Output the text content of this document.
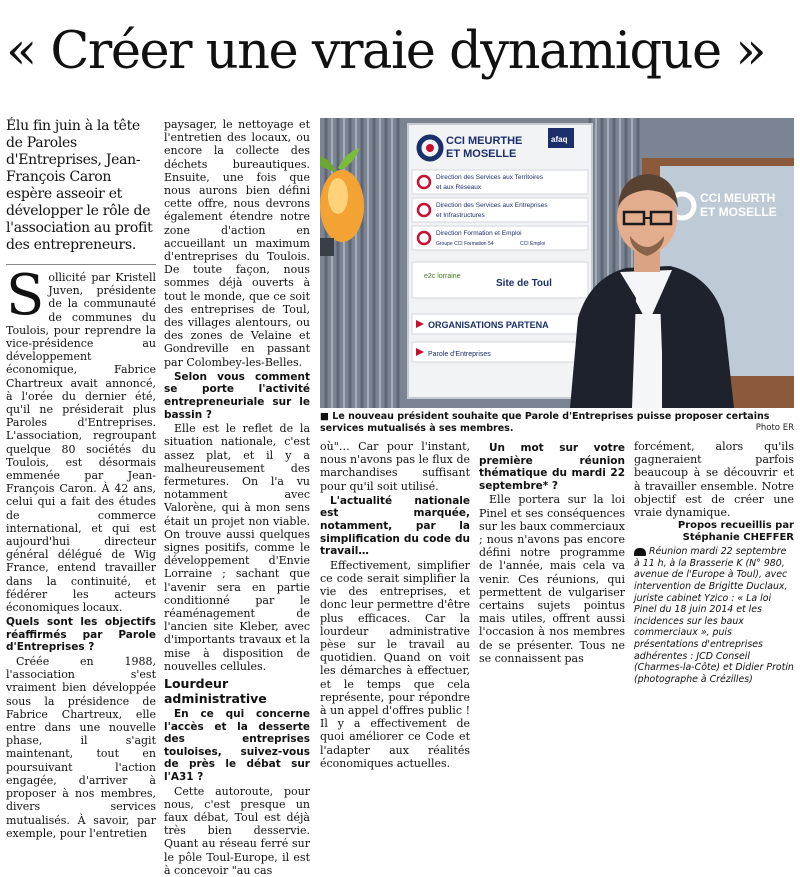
« Créer une vraie dynamique »
Élu fin juin à la tête de Paroles d'Entreprises, Jean-François Caron espère asseoir et développer le rôle de l'association au profit des entrepreneurs.

Sollicité par Kristell Juven, présidente de la communauté de communes du Toulois, pour reprendre la vice-présidence au développement économique, Fabrice Chartreux avait annoncé, à l'orée du dernier été, qu'il ne présiderait plus Paroles d'Entreprises. L'association, regroupant quelque 80 sociétés du Toulois, est désormais emmenée par Jean-François Caron. À 42 ans, celui qui a fait des études de commerce international, et qui est aujourd'hui directeur général délégué de Wig France, entend travailler dans la continuité, et fédérer les acteurs économiques locaux.

Quels sont les objectifs réaffirmés par Parole d'Entreprises ?

Créée en 1988, l'association s'est vraiment bien développée sous la présidence de Fabrice Chartreux, elle entre dans une nouvelle phase, il s'agit maintenant, tout en poursuivant l'action engagée, d'arriver à proposer à nos membres, divers services mutualisés. À savoir, par exemple, pour l'entretien

paysager, le nettoyage et l'entretien des locaux, ou encore la collecte des déchets bureautiques. Ensuite, une fois que nous aurons bien défini cette offre, nous devrons également étendre notre zone d'action en accueillant un maximum d'entreprises du Toulois. De toute façon, nous sommes déjà ouverts à tout le monde, que ce soit des entreprises de Toul, des villages alentours, ou des zones de Velaine et Gondreville en passant par Colombey-les-Belles.

Selon vous comment se porte l'activité entrepreneuriale sur le bassin ?

Elle est le reflet de la situation nationale, c'est assez plat, et il y a malheureusement des fermetures. On l'a vu notamment avec Valorène, qui à mon sens était un projet non viable. On trouve aussi quelques signes positifs, comme le développement d'Envie Lorraine ; sachant que l'avenir sera en partie conditionné par le réaménagement de l'ancien site Kleber, avec d'importants travaux et la mise à disposition de nouvelles cellules.

Lourdeur administrative

En ce qui concerne l'accès et la desserte des entreprises touloises, suivez-vous de près le débat sur l'A31 ?

Cette autoroute, pour nous, c'est presque un faux débat, Toul est déjà très bien desservie. Quant au réseau ferré sur le pôle Toul-Europe, il est à concevoir "au cas

CCI MEURTH
ET MOSELLE
CCI MEURTHE
ET MOSELLE
afaq
Direction des Services aux Territoires
et aux Réseaux
Direction des Services aux Entreprises
et Infrastructures
Direction Formation et Emploi
Groupe CCI Formation 54	CCI Emploi
e2c lorraine
Site de Toul
ORGANISATIONS PARTENA
Parole d'Entreprises
■ Le nouveau président souhaite que Parole d'Entreprises puisse proposer certains services mutualisés à ses membres.	Photo ER

où"… Car pour l'instant, nous n'avons pas le flux de marchandises suffisant pour qu'il soit utilisé.

L'actualité nationale est marquée, notamment, par la simplification du code du travail…

Effectivement, simplifier ce code serait simplifier la vie des entreprises, et donc leur permettre d'être plus efficaces. Car la lourdeur administrative pèse sur le travail au quotidien. Quand on voit les démarches à effectuer, et le temps que cela représente, pour répondre à un appel d'offres public ! Il y a effectivement de quoi améliorer ce Code et l'adapter aux réalités économiques actuelles.

Un mot sur votre première réunion thématique du mardi 22 septembre* ?

Elle portera sur la loi Pinel et ses conséquences sur les baux commerciaux ; nous n'avons pas encore défini notre programme de l'année, mais cela va venir. Ces réunions, qui permettent de vulgariser certains sujets pointus mais utiles, offrent aussi l'occasion à nos membres de se présenter. Tous ne se connaissent pas

forcément, alors qu'ils gagneraient parfois beaucoup à se découvrir et à travailler ensemble. Notre objectif est de créer une vraie dynamique.

Propos recueillis par Stéphanie CHEFFER
Réunion mardi 22 septembre à 11 h, à la Brasserie K (N° 980, avenue de l'Europe à Toul), avec intervention de Brigitte Duclaux, juriste cabinet Yzico : « La loi Pinel du 18 juin 2014 et les incidences sur les baux commerciaux », puis présentations d'entreprises adhérentes : JCD Conseil (Charmes-la-Côte) et Didier Protin (photographe à Crézilles)
